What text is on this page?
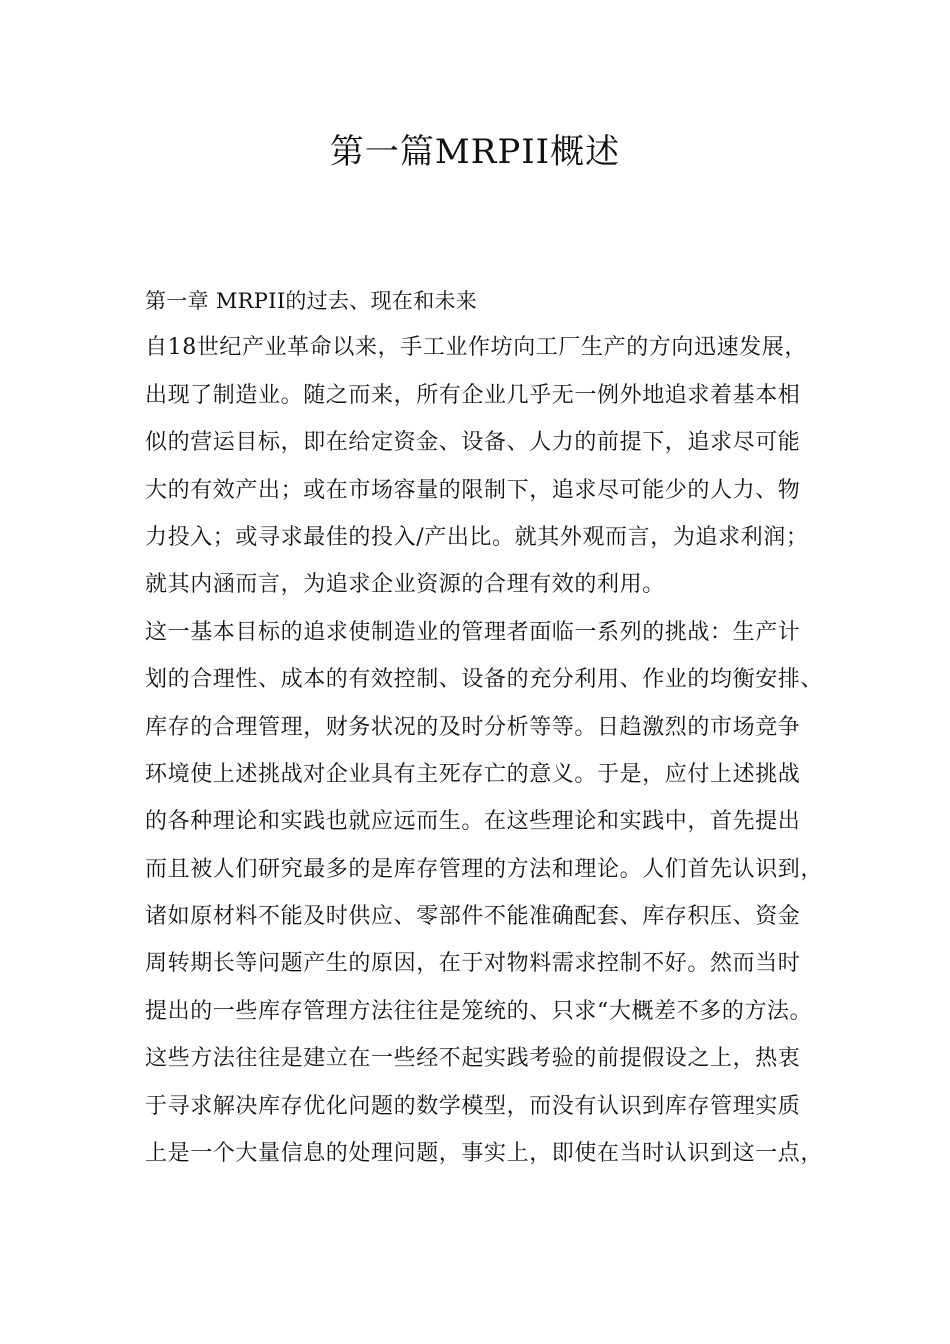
第一篇MRPII概述
第一章 MRPII的过去、现在和未来
自18世纪产业革命以来，手工业作坊向工厂生产的方向迅速发展，
出现了制造业。随之而来，所有企业几乎无一例外地追求着基本相
似的营运目标，即在给定资金、设备、人力的前提下，追求尽可能
大的有效产出；或在市场容量的限制下，追求尽可能少的人力、物
力投入；或寻求最佳的投入/产出比。就其外观而言，为追求利润；
就其内涵而言，为追求企业资源的合理有效的利用。
这一基本目标的追求使制造业的管理者面临一系列的挑战：生产计
划的合理性、成本的有效控制、设备的充分利用、作业的均衡安排、
库存的合理管理，财务状况的及时分析等等。日趋激烈的市场竞争
环境使上述挑战对企业具有主死存亡的意义。于是，应付上述挑战
的各种理论和实践也就应远而生。在这些理论和实践中，首先提出
而且被人们研究最多的是库存管理的方法和理论。人们首先认识到，
诸如原材料不能及时供应、零部件不能准确配套、库存积压、资金
周转期长等问题产生的原因，在于对物料需求控制不好。然而当时
提出的一些库存管理方法往往是笼统的、只求“大概差不多的方法。
这些方法往往是建立在一些经不起实践考验的前提假设之上，热衷
于寻求解决库存优化问题的数学模型，而没有认识到库存管理实质
上是一个大量信息的处理问题，事实上，即使在当时认识到这一点，
